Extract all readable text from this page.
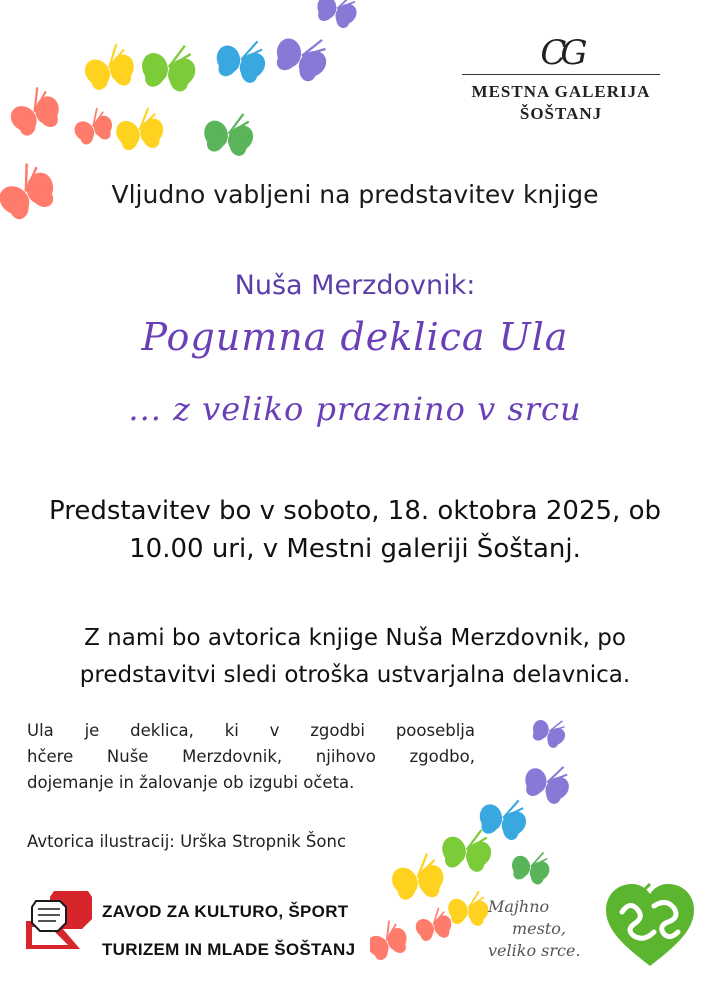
CG
MESTNA GALERIJA
ŠOŠTANJ
Vljudno vabljeni na predstavitev knjige
Nuša Merzdovnik:
Pogumna deklica Ula
... z veliko praznino v srcu
Predstavitev bo v soboto, 18. oktobra 2025, ob
10.00 uri, v Mestni galeriji Šoštanj.
Z nami bo avtorica knjige Nuša Merzdovnik, po
predstavitvi sledi otroška ustvarjalna delavnica.
Ula je deklica, ki v zgodbi pooseblja
hčere Nuše Merzdovnik, njihovo zgodbo,
dojemanje in žalovanje ob izgubi očeta.
Avtorica ilustracij: Urška Stropnik Šonc
ZAVOD ZA KULTURO, ŠPORT
TURIZEM IN MLADE ŠOŠTANJ
Majhno
mesto,
veliko srce.
